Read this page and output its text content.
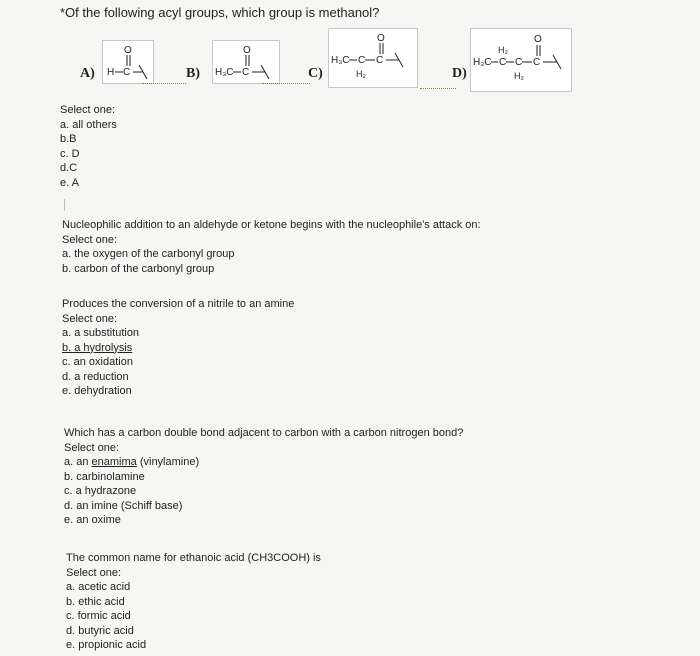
*Of the following acyl groups, which group is methanol?
A) H C
O
B) H₃C C
O
C)
H₃C C
H₂
C
O
D)
H₃C C
H₂
C
H₂
C
O
Select one:
a. all others
b.B
c. D
d.C
e. A
Nucleophilic addition to an aldehyde or ketone begins with the nucleophile's attack on:
Select one:
a. the oxygen of the carbonyl group
b. carbon of the carbonyl group
Produces the conversion of a nitrile to an amine
Select one:
a. a substitution
b. a hydrolysis
c. an oxidation
d. a reduction
e. dehydration
Which has a carbon double bond adjacent to carbon with a carbon nitrogen bond?
Select one:
a. an enamima (vinylamine)
b. carbinolamine
c. a hydrazone
d. an imine (Schiff base)
e. an oxime
The common name for ethanoic acid (CH3COOH) is
Select one:
a. acetic acid
b. ethic acid
c. formic acid
d. butyric acid
e. propionic acid
